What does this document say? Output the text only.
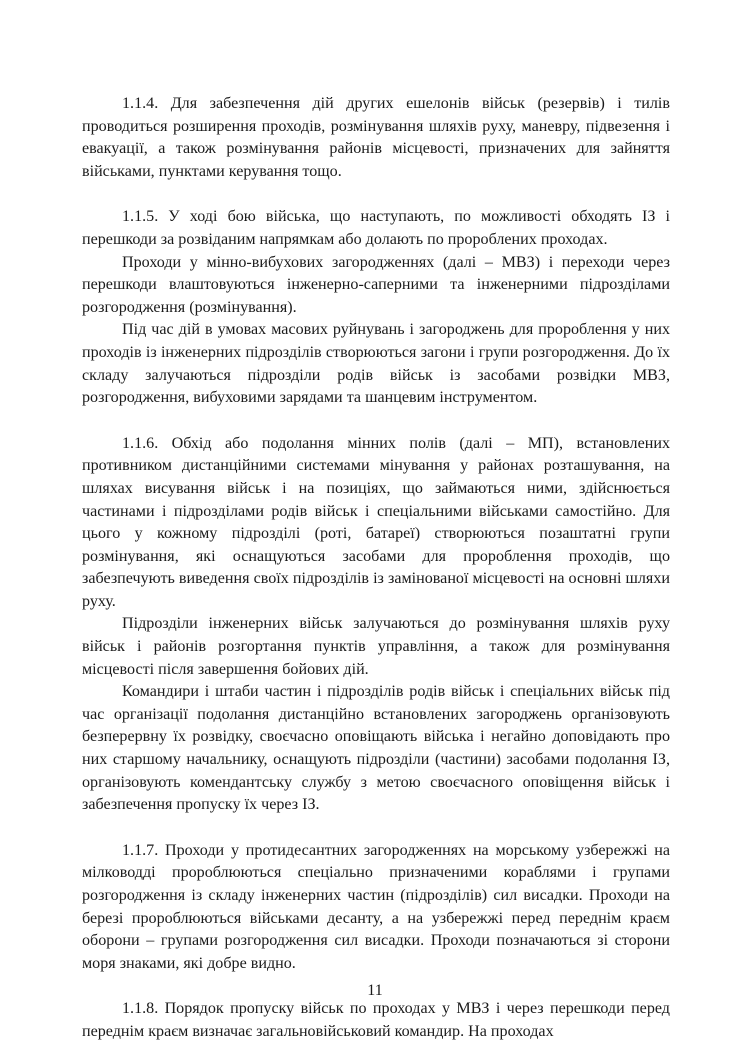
1.1.4. Для забезпечення дій других ешелонів військ (резервів) і тилів проводиться розширення проходів, розмінування шляхів руху, маневру, підвезення і евакуації, а також розмінування районів місцевості, призначених для зайняття військами, пунктами керування тощо.

1.1.5. У ході бою війська, що наступають, по можливості обходять ІЗ і перешкоди за розвіданим напрямкам або долають по пророблених проходах.

Проходи у мінно-вибухових загородженнях (далі – МВЗ) і переходи через перешкоди влаштовуються інженерно-саперними та інженерними підрозділами розгородження (розмінування).

Під час дій в умовах масових руйнувань і загороджень для пророблення у них проходів із інженерних підрозділів створюються загони і групи розгородження. До їх складу залучаються підрозділи родів військ із засобами розвідки МВЗ, розгородження, вибуховими зарядами та шанцевим інструментом.

1.1.6. Обхід або подолання мінних полів (далі – МП), встановлених противником дистанційними системами мінування у районах розташування, на шляхах висування військ і на позиціях, що займаються ними, здійснюється частинами і підрозділами родів військ і спеціальними військами самостійно. Для цього у кожному підрозділі (роті, батареї) створюються позаштатні групи розмінування, які оснащуються засобами для пророблення проходів, що забезпечують виведення своїх підрозділів із замінованої місцевості на основні шляхи руху.

Підрозділи інженерних військ залучаються до розмінування шляхів руху військ і районів розгортання пунктів управління, а також для розмінування місцевості після завершення бойових дій.

Командири і штаби частин і підрозділів родів військ і спеціальних військ під час організації подолання дистанційно встановлених загороджень організовують безперервну їх розвідку, своєчасно оповіщають війська і негайно доповідають про них старшому начальнику, оснащують підрозділи (частини) засобами подолання ІЗ, організовують комендантську службу з метою своєчасного оповіщення військ і забезпечення пропуску їх через ІЗ.

1.1.7. Проходи у протидесантних загородженнях на морському узбережжі на мілководді пророблюються спеціально призначеними кораблями і групами розгородження із складу інженерних частин (підрозділів) сил висадки. Проходи на березі пророблюються військами десанту, а на узбережжі перед переднім краєм оборони – групами розгородження сил висадки. Проходи позначаються зі сторони моря знаками, які добре видно.

1.1.8. Порядок пропуску військ по проходах у МВЗ і через перешкоди перед переднім краєм визначає загальновійськовий командир. На проходах

11
